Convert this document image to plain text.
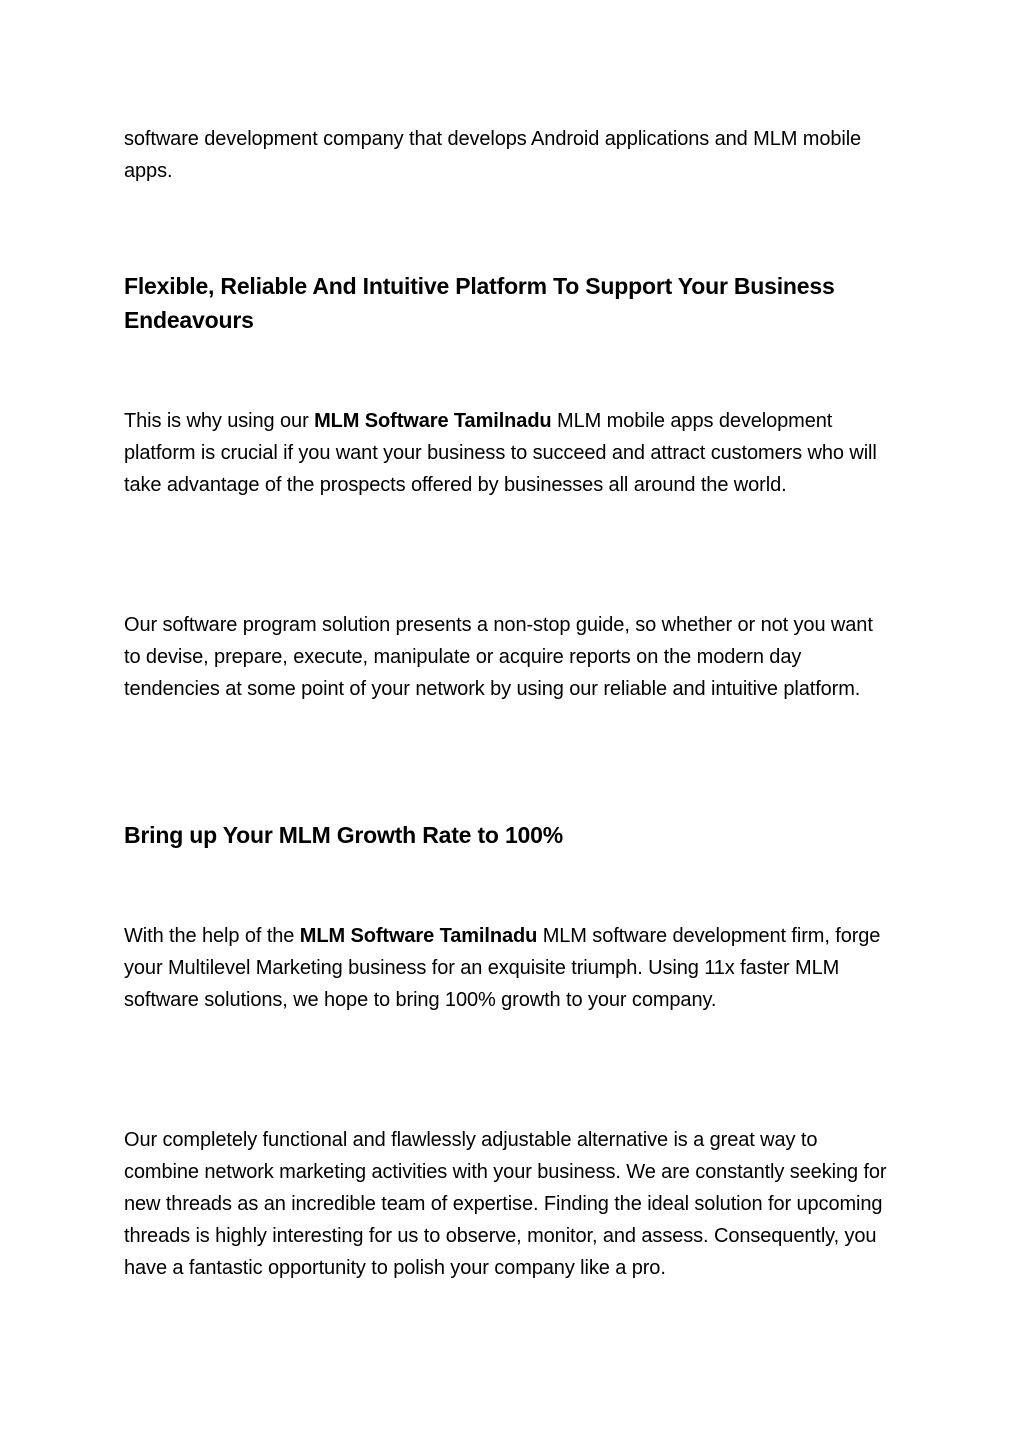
software development company that develops Android applications and MLM mobile apps.

Flexible, Reliable And Intuitive Platform To Support Your Business Endeavours

This is why using our MLM Software Tamilnadu MLM mobile apps development platform is crucial if you want your business to succeed and attract customers who will take advantage of the prospects offered by businesses all around the world.

Our software program solution presents a non-stop guide, so whether or not you want to devise, prepare, execute, manipulate or acquire reports on the modern day tendencies at some point of your network by using our reliable and intuitive platform.

Bring up Your MLM Growth Rate to 100%

With the help of the MLM Software Tamilnadu MLM software development firm, forge your Multilevel Marketing business for an exquisite triumph. Using 11x faster MLM software solutions, we hope to bring 100% growth to your company.

Our completely functional and flawlessly adjustable alternative is a great way to combine network marketing activities with your business. We are constantly seeking for new threads as an incredible team of expertise. Finding the ideal solution for upcoming threads is highly interesting for us to observe, monitor, and assess. Consequently, you have a fantastic opportunity to polish your company like a pro.
